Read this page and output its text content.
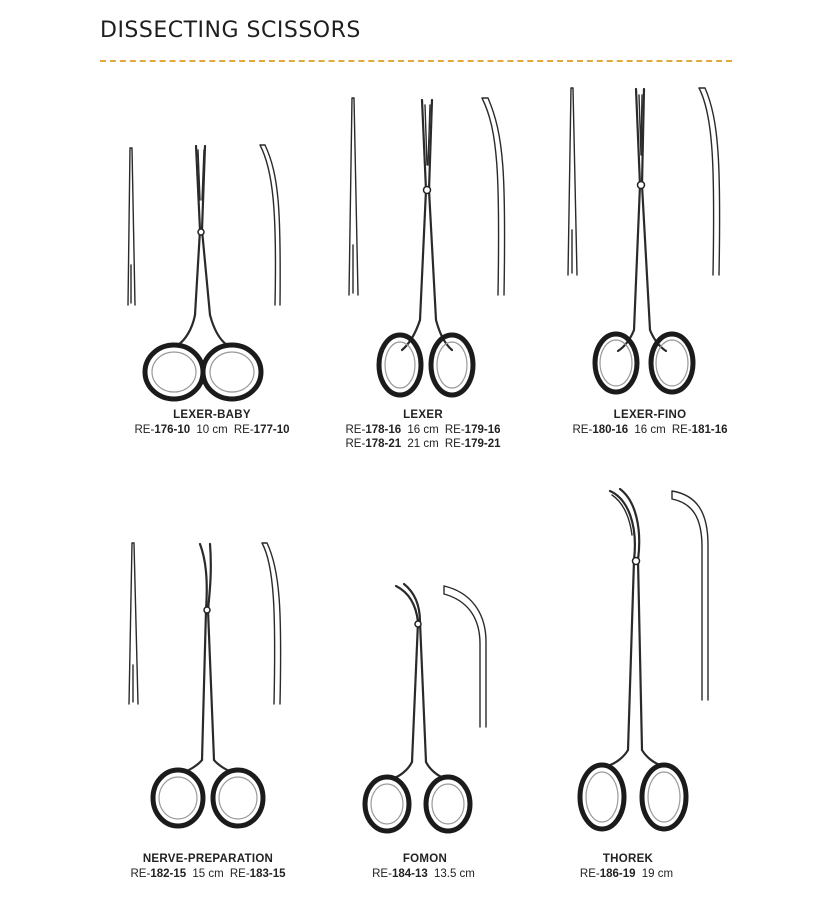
DISSECTING SCISSORS
LEXER-BABY
RE-176-10 10 cm RE-177-10
LEXER
RE-178-16 16 cm RE-179-16
RE-178-21 21 cm RE-179-21
LEXER-FINO
RE-180-16 16 cm RE-181-16
NERVE-PREPARATION
RE-182-15 15 cm RE-183-15
FOMON
RE-184-13 13.5 cm
THOREK
RE-186-19 19 cm
